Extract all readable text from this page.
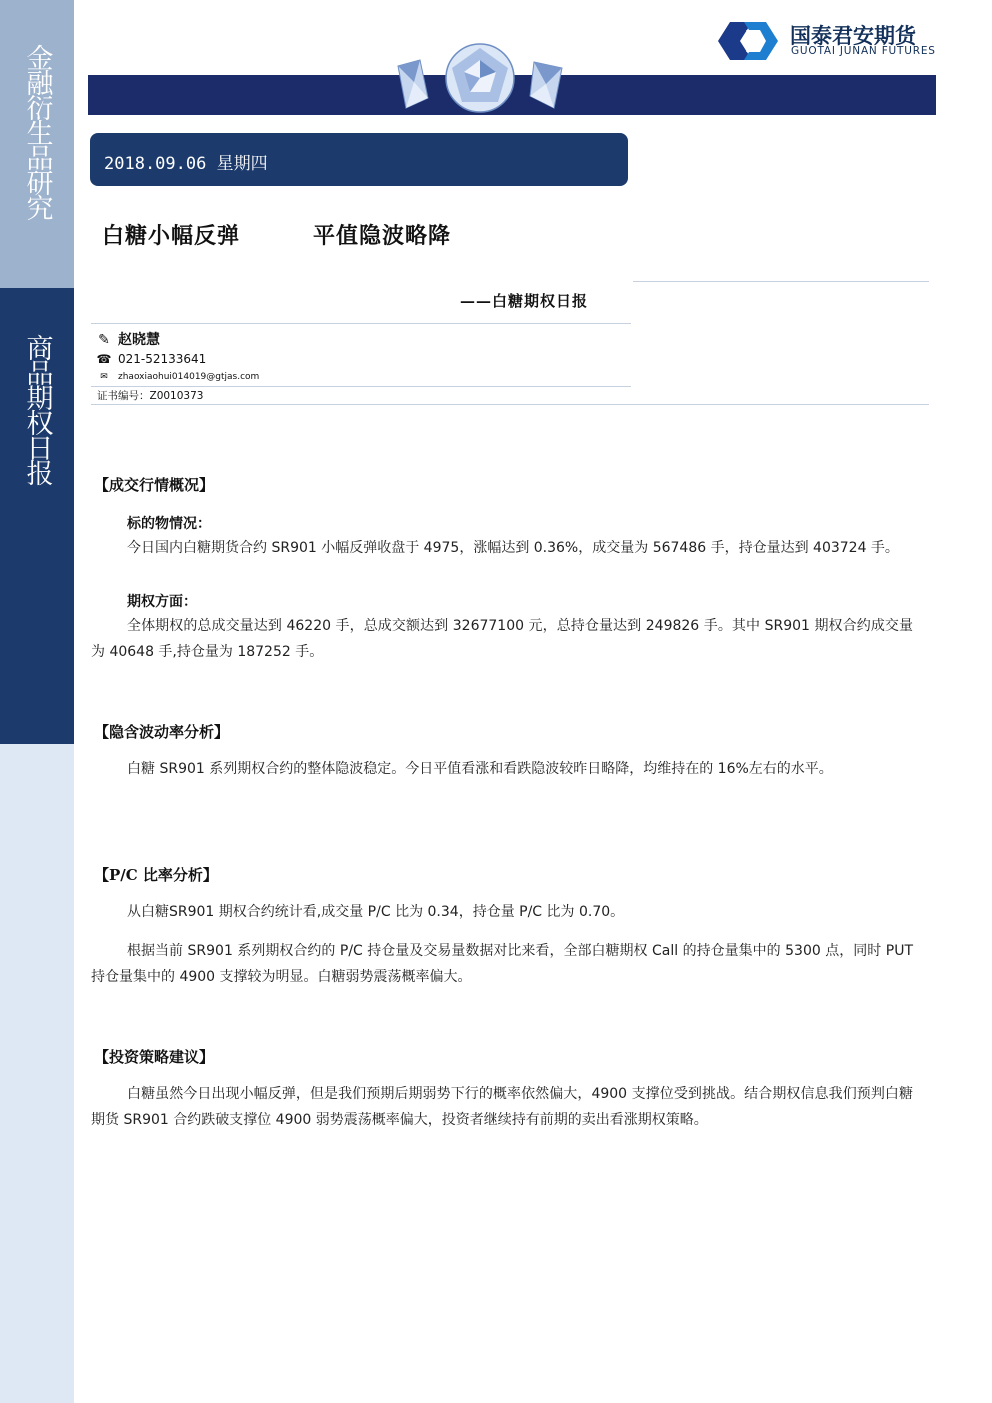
金融衍生品研究
商品期权日报
国泰君安期货
GUOTAI JUNAN FUTURES
2018.09.06 星期四
白糖小幅反弹	平值隐波略降
——白糖期权日报
✎ 赵晓慧
☎ 021-52133641
✉ zhaoxiaohui014019@gtjas.com
证书编号：Z0010373
【成交行情概况】
标的物情况：
今日国内白糖期货合约 SR901 小幅反弹收盘于 4975，涨幅达到 0.36%，成交量为 567486 手，持仓量达到 403724 手。
期权方面：
全体期权的总成交量达到 46220 手，总成交额达到 32677100 元，总持仓量达到 249826 手。其中 SR901 期权合约成交量为 40648 手,持仓量为 187252 手。
【隐含波动率分析】
白糖 SR901 系列期权合约的整体隐波稳定。今日平值看涨和看跌隐波较昨日略降，均维持在的 16%左右的水平。
【P/C 比率分析】
从白糖SR901 期权合约统计看,成交量 P/C 比为 0.34，持仓量 P/C 比为 0.70。
根据当前 SR901 系列期权合约的 P/C 持仓量及交易量数据对比来看，全部白糖期权 Call 的持仓量集中的 5300 点，同时 PUT 持仓量集中的 4900 支撑较为明显。白糖弱势震荡概率偏大。
【投资策略建议】
白糖虽然今日出现小幅反弹，但是我们预期后期弱势下行的概率依然偏大，4900 支撑位受到挑战。结合期权信息我们预判白糖期货 SR901 合约跌破支撑位 4900 弱势震荡概率偏大，投资者继续持有前期的卖出看涨期权策略。
